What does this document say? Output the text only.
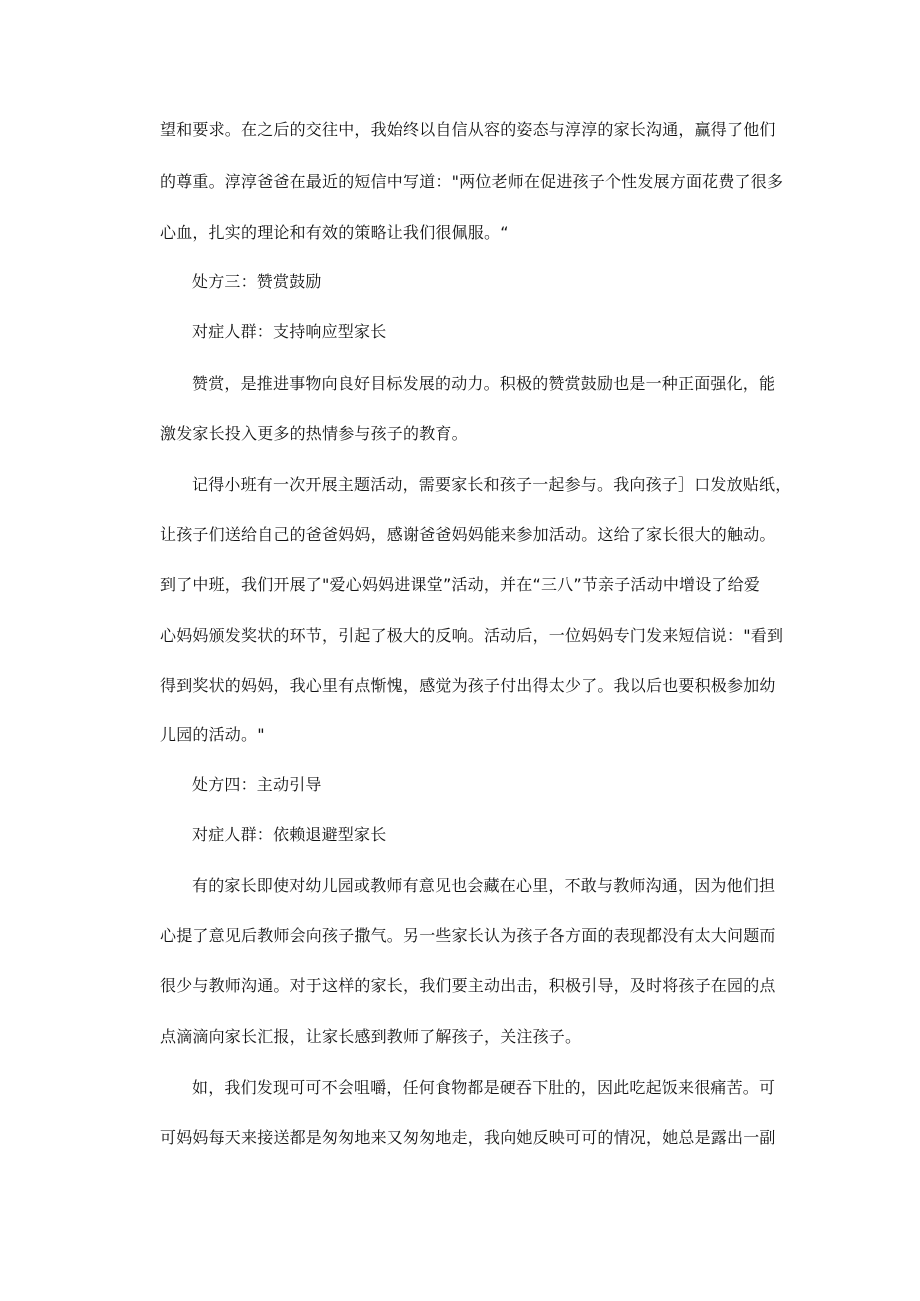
望和要求。在之后的交往中，我始终以自信从容的姿态与淳淳的家长沟通，赢得了他们
的尊重。淳淳爸爸在最近的短信中写道："两位老师在促进孩子个性发展方面花费了很多
心血，扎实的理论和有效的策略让我们很佩服。“
处方三：赞赏鼓励
对症人群：支持响应型家长
赞赏，是推进事物向良好目标发展的动力。积极的赞赏鼓励也是一种正面强化，能
激发家长投入更多的热情参与孩子的教育。
记得小班有一次开展主题活动，需要家长和孩子一起参与。我向孩子］口发放贴纸，
让孩子们送给自己的爸爸妈妈，感谢爸爸妈妈能来参加活动。这给了家长很大的触动。
到了中班，我们开展了"爱心妈妈进课堂”活动，并在“三八”节亲子活动中增设了给爱
心妈妈颁发奖状的环节，引起了极大的反响。活动后，一位妈妈专门发来短信说："看到
得到奖状的妈妈，我心里有点惭愧，感觉为孩子付出得太少了。我以后也要积极参加幼
儿园的活动。"
处方四：主动引导
对症人群：依赖退避型家长
有的家长即使对幼儿园或教师有意见也会藏在心里，不敢与教师沟通，因为他们担
心提了意见后教师会向孩子撒气。另一些家长认为孩子各方面的表现都没有太大问题而
很少与教师沟通。对于这样的家长，我们要主动出击，积极引导，及时将孩子在园的点
点滴滴向家长汇报，让家长感到教师了解孩子，关注孩子。
如，我们发现可可不会咀嚼，任何食物都是硬吞下肚的，因此吃起饭来很痛苦。可
可妈妈每天来接送都是匆匆地来又匆匆地走，我向她反映可可的情况，她总是露出一副
